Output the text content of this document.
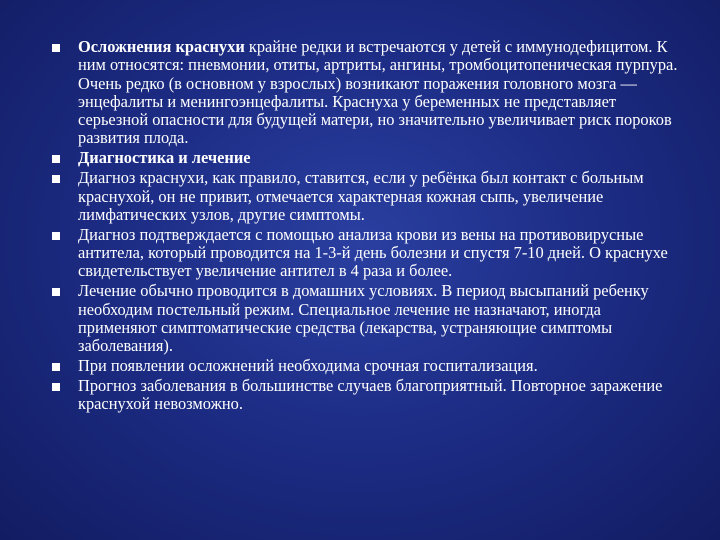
Осложнения краснухи крайне редки и встречаются у детей с иммунодефицитом. К ним относятся: пневмонии, отиты, артриты, ангины, тромбоцитопеническая пурпура. Очень редко (в основном у взрослых) возникают поражения головного мозга — энцефалиты и менингоэнцефалиты. Краснуха у беременных не представляет серьезной опасности для будущей матери, но значительно увеличивает риск пороков развития плода.
Диагностика и лечение
Диагноз краснухи, как правило, ставится, если у ребёнка был контакт с больным краснухой, он не привит, отмечается характерная кожная сыпь, увеличение лимфатических узлов, другие симптомы.
Диагноз подтверждается с помощью анализа крови из вены на противовирусные антитела, который проводится на 1-3-й день болезни и спустя 7-10 дней. О краснухе свидетельствует увеличение антител в 4 раза и более.
Лечение обычно проводится в домашних условиях. В период высыпаний ребенку необходим постельный режим. Специальное лечение не назначают, иногда применяют симптоматические средства (лекарства, устраняющие симптомы заболевания).
При появлении осложнений необходима срочная госпитализация.
Прогноз заболевания в большинстве случаев благоприятный. Повторное заражение краснухой невозможно.
